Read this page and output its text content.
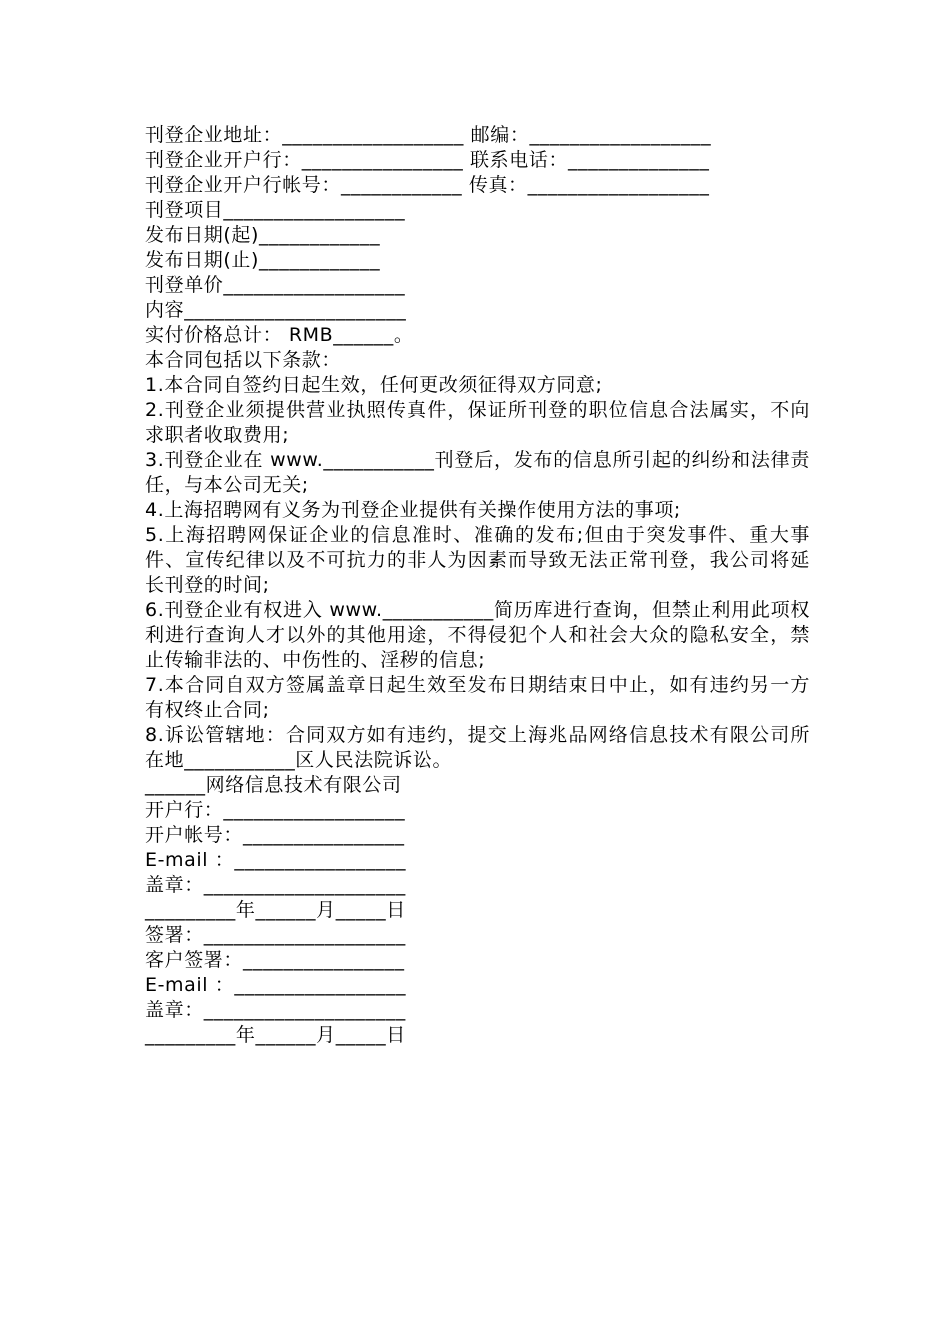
刊登企业地址：__________________ 邮编：__________________
刊登企业开户行：________________ 联系电话：______________
刊登企业开户行帐号：____________ 传真：__________________
刊登项目__________________
发布日期(起)____________
发布日期(止)____________
刊登单价__________________
内容______________________
实付价格总计： RMB______。
本合同包括以下条款：
1.本合同自签约日起生效，任何更改须征得双方同意;
2.刊登企业须提供营业执照传真件，保证所刊登的职位信息合法属实，不向求职者收取费用;
3.刊登企业在 www.___________刊登后，发布的信息所引起的纠纷和法律责任，与本公司无关;
4.上海招聘网有义务为刊登企业提供有关操作使用方法的事项;
5.上海招聘网保证企业的信息准时、准确的发布;但由于突发事件、重大事件、宣传纪律以及不可抗力的非人为因素而导致无法正常刊登，我公司将延长刊登的时间;
6.刊登企业有权进入 www.___________简历库进行查询，但禁止利用此项权利进行查询人才以外的其他用途，不得侵犯个人和社会大众的隐私安全，禁止传输非法的、中伤性的、淫秽的信息;
7.本合同自双方签属盖章日起生效至发布日期结束日中止，如有违约另一方有权终止合同;
8.诉讼管辖地：合同双方如有违约，提交上海兆品网络信息技术有限公司所在地___________区人民法院诉讼。
______网络信息技术有限公司
开户行：__________________
开户帐号：________________
E-mail ：_________________
盖章：____________________
_________年______月_____日
签署：____________________
客户签署：________________
E-mail ：_________________
盖章：____________________
_________年______月_____日
